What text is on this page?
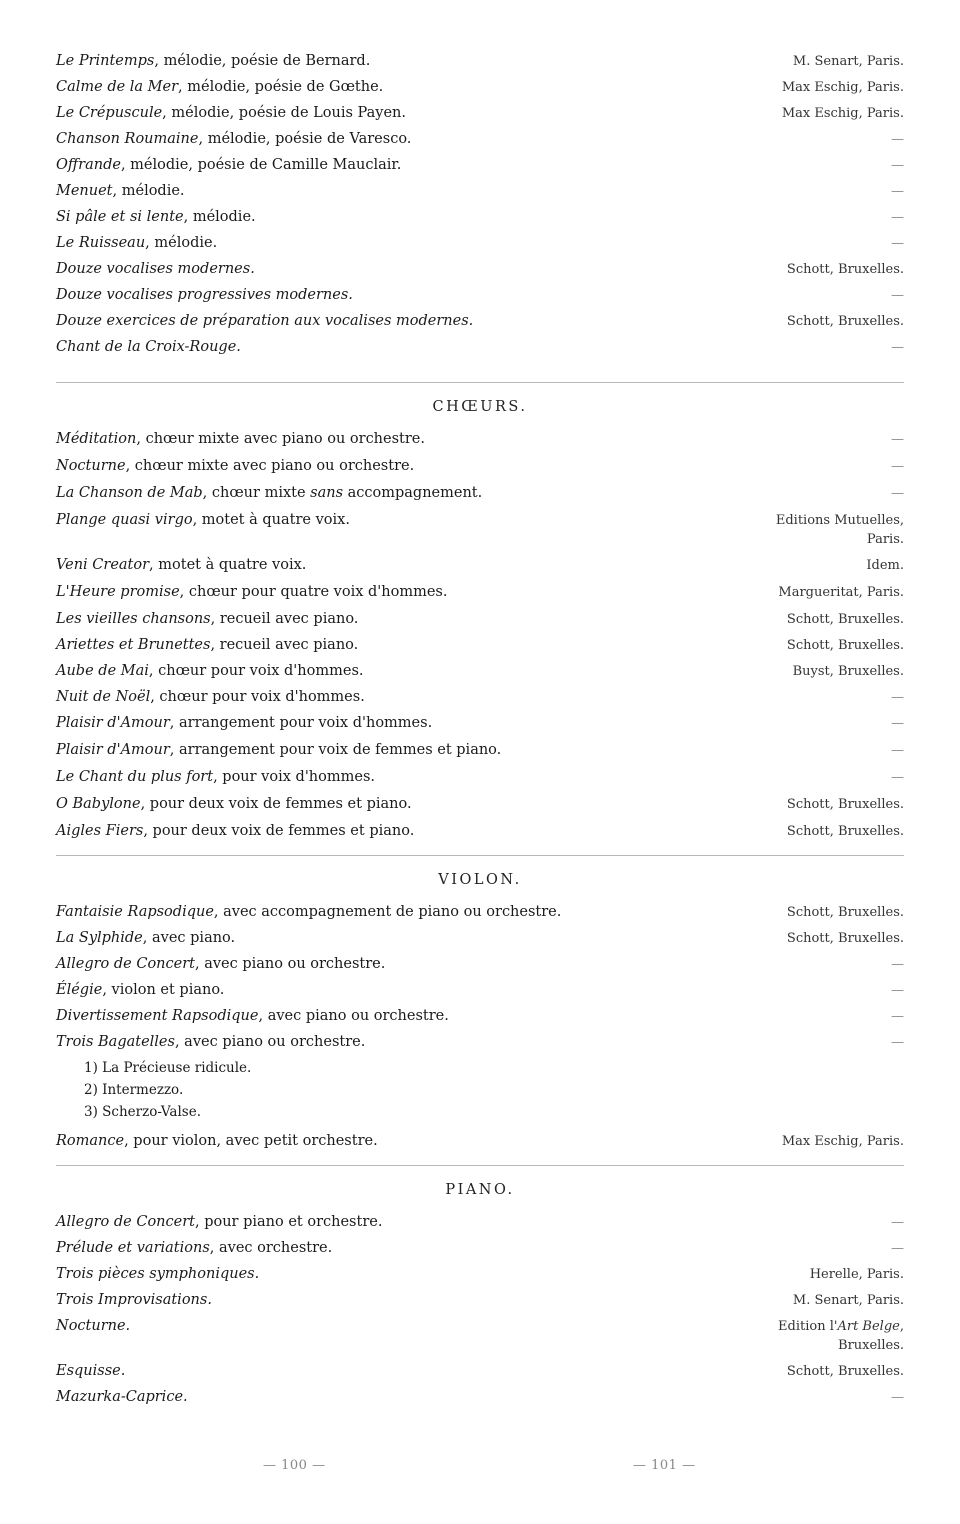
Le Printemps, mélodie, poésie de Bernard.	M. Senart, Paris.
Calme de la Mer, mélodie, poésie de Gœthe.	Max Eschig, Paris.
Le Crépuscule, mélodie, poésie de Louis Payen.	Max Eschig, Paris.
Chanson Roumaine, mélodie, poésie de Varesco.	—
Offrande, mélodie, poésie de Camille Mauclair.	—
Menuet, mélodie.	—
Si pâle et si lente, mélodie.	—
Le Ruisseau, mélodie.	—
Douze vocalises modernes.	Schott, Bruxelles.
Douze vocalises progressives modernes.	—
Douze exercices de préparation aux vocalises modernes.	Schott, Bruxelles.
Chant de la Croix-Rouge.	—
CHŒURS.
Méditation, chœur mixte avec piano ou orchestre.	—
Nocturne, chœur mixte avec piano ou orchestre.	—
La Chanson de Mab, chœur mixte sans accompagnement.	—
Plange quasi virgo, motet à quatre voix.	Editions Mutuelles,
Paris.
Veni Creator, motet à quatre voix.	Idem.
L'Heure promise, chœur pour quatre voix d'hommes.	Margueritat, Paris.
Les vieilles chansons, recueil avec piano.	Schott, Bruxelles.
Ariettes et Brunettes, recueil avec piano.	Schott, Bruxelles.
Aube de Mai, chœur pour voix d'hommes.	Buyst, Bruxelles.
Nuit de Noël, chœur pour voix d'hommes.	—
Plaisir d'Amour, arrangement pour voix d'hommes.	—
Plaisir d'Amour, arrangement pour voix de femmes et piano.	—
Le Chant du plus fort, pour voix d'hommes.	—
O Babylone, pour deux voix de femmes et piano.	Schott, Bruxelles.
Aigles Fiers, pour deux voix de femmes et piano.	Schott, Bruxelles.
VIOLON.
Fantaisie Rapsodique, avec accompagnement de piano ou orchestre.	Schott, Bruxelles.
La Sylphide, avec piano.	Schott, Bruxelles.
Allegro de Concert, avec piano ou orchestre.	—
Élégie, violon et piano.	—
Divertissement Rapsodique, avec piano ou orchestre.	—
Trois Bagatelles, avec piano ou orchestre.	—
1) La Précieuse ridicule.
2) Intermezzo.
3) Scherzo-Valse.
Romance, pour violon, avec petit orchestre.	Max Eschig, Paris.
PIANO.
Allegro de Concert, pour piano et orchestre.	—
Prélude et variations, avec orchestre.	—
Trois pièces symphoniques.	Herelle, Paris.
Trois Improvisations.	M. Senart, Paris.
Nocturne.	Edition l'Art Belge,
Bruxelles.
Esquisse.	Schott, Bruxelles.
Mazurka-Caprice.	—
— 100 —	— 101 —
